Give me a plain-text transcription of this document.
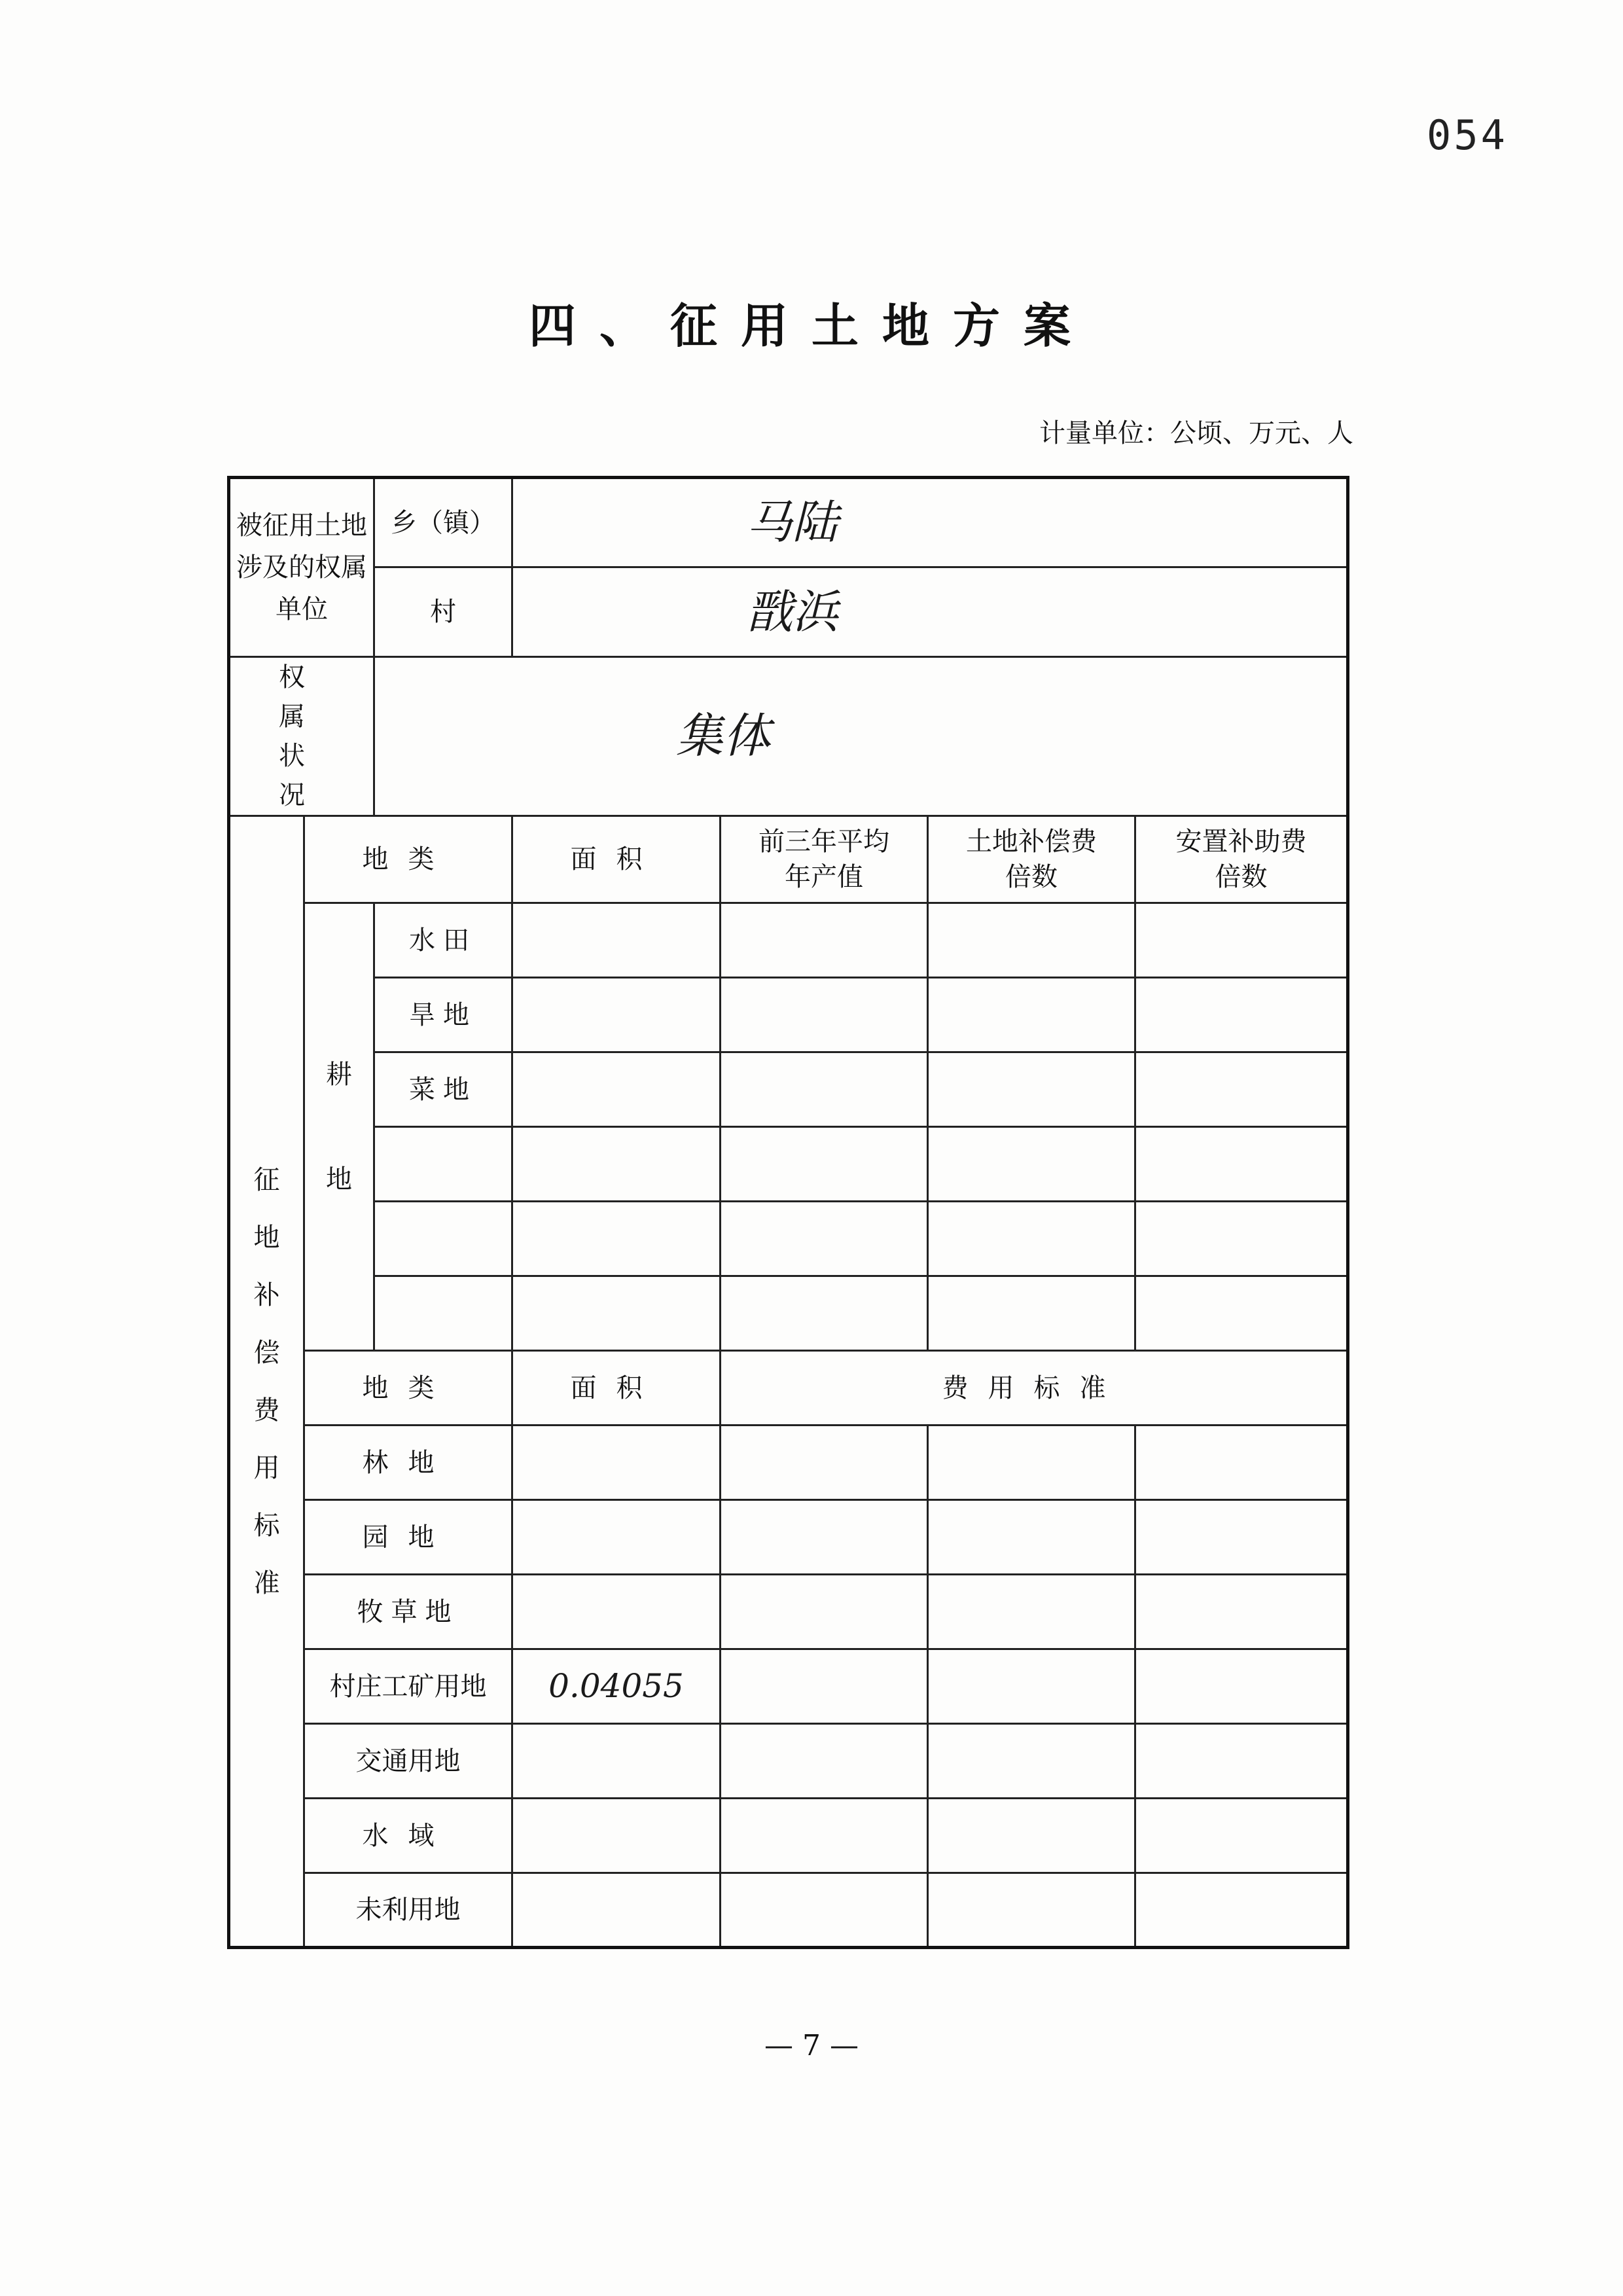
054
四、征用土地方案
计量单位：公顷、万元、人
被征用土地涉及的权属单位		乡（镇）	马陆			
		村	戬浜			

权属状况		集体				

征地补偿费用标准	地类		面积	前三年平均年产值	土地补偿费倍数	安置补助费倍数

	耕地	水田				
		旱地				
		菜地				

	地类		面积	费用标准		
	林地					
	园地					
	牧草地					
	村庄工矿用地		0.04055			
	交通用地					
	水域					
	未利用地					
— 7 —
